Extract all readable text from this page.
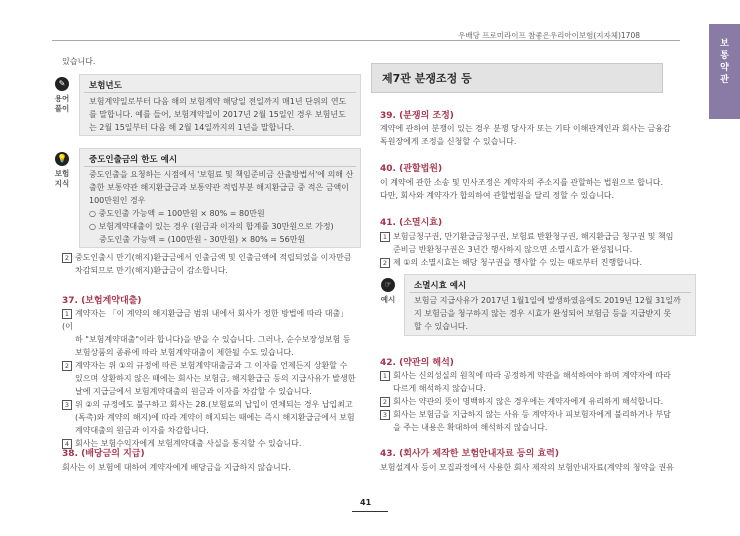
우배당 프로미라이프 참좋은우리아이보험(지자체)1708
보
통
약
관
있습니다.
✎
용어
풀이
보험년도
보험계약일로부터 다음 해의 보험계약 해당일 전일까지 매1년 단위의 연도
를 말합니다. 예를 들어, 보험계약일이 2017년 2월 15일인 경우 보험년도
는 2월 15일부터 다음 해 2월 14일까지의 1년을 말합니다.
💡
보험
지식
중도인출금의 한도 예시
중도인출을 요청하는 시점에서 '보험료 및 책임준비금 산출방법서'에 의해 산
출한 보통약관 해지환급금과 보통약관 적립부분 해지환급금 중 적은 금액이
100만원인 경우
○ 중도인출 가능액 = 100만원 × 80% = 80만원
○ 보험계약대출이 있는 경우 (원금과 이자의 합계를 30만원으로 가정)
중도인출 가능액 = (100만원 - 30만원) × 80% = 56만원
2 중도인출시 만기(해지)환급금에서 인출금액 및 인출금액에 적립되었을 이자만큼
차감되므로 만기(해지)환급금이 감소합니다.
37. (보험계약대출)
1 계약자는 「이 계약의 해지환급금 범위 내에서 회사가 정한 방법에 따라 대출」(이
하 "보험계약대출"이라 합니다)을 받을 수 있습니다. 그러나, 순수보장성보험 등
보험상품의 종류에 따라 보험계약대출이 제한될 수도 있습니다.
2 계약자는 위 ①의 규정에 따른 보험계약대출금과 그 이자를 언제든지 상환할 수
있으며 상환하지 않은 때에는 회사는 보험금, 해지환급금 등의 지급사유가 발생한
날에 지급금에서 보험계약대출의 원금과 이자를 차감할 수 있습니다.
3 위 ②의 규정에도 불구하고 회사는 28.(보험료의 납입이 연체되는 경우 납입최고
(독촉)와 계약의 해지)에 따라 계약이 해지되는 때에는 즉시 해지환급금에서 보험
계약대출의 원금과 이자를 차감합니다.
4 회사는 보험수익자에게 보험계약대출 사실을 통지할 수 있습니다.
38. (배당금의 지급)
회사는 이 보험에 대하여 계약자에게 배당금을 지급하지 않습니다.
제7관 분쟁조정 등
39. (분쟁의 조정)
계약에 관하여 분쟁이 있는 경우 분쟁 당사자 또는 기타 이해관계인과 회사는 금융감
독원장에게 조정을 신청할 수 있습니다.
40. (관할법원)
이 계약에 관한 소송 및 민사조정은 계약자의 주소지를 관할하는 법원으로 합니다.
다만, 회사와 계약자가 합의하여 관할법원을 달리 정할 수 있습니다.
41. (소멸시효)
1 보험금청구권, 만기환급금청구권, 보험료 반환청구권, 해지환급금 청구권 및 책임
준비금 반환청구권은 3년간 행사하지 않으면 소멸시효가 완성됩니다.
2 제 ①의 소멸시효는 해당 청구권을 행사할 수 있는 때로부터 진행합니다.
☞
예시
소멸시효 예시
보험금 지급사유가 2017년 1월1일에 발생하였음에도 2019년 12월 31일까
지 보험금을 청구하지 않는 경우 시효가 완성되어 보험금 등을 지급받지 못
할 수 있습니다.
42. (약관의 해석)
1 회사는 신의성실의 원칙에 따라 공정하게 약관을 해석하여야 하며 계약자에 따라
다르게 해석하지 않습니다.
2 회사는 약관의 뜻이 명백하지 않은 경우에는 계약자에게 유리하게 해석합니다.
3 회사는 보험금을 지급하지 않는 사유 등 계약자나 피보험자에게 불리하거나 부담
을 주는 내용은 확대하여 해석하지 않습니다.
43. (회사가 제작한 보험안내자료 등의 효력)
보험설계사 등이 모집과정에서 사용한 회사 제작의 보험안내자료(계약의 청약을 권유
41
